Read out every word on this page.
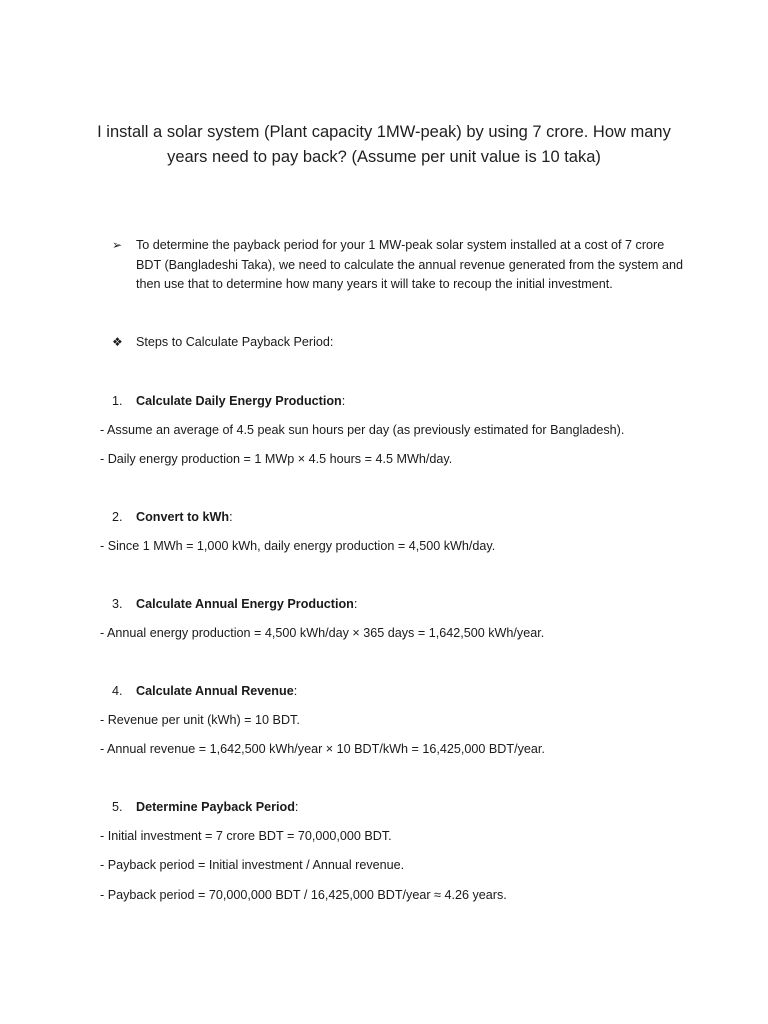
I install a solar system (Plant capacity 1MW-peak) by using 7 crore. How many years need to pay back? (Assume per unit value is 10 taka)
➢	To determine the payback period for your 1 MW-peak solar system installed at a cost of 7 crore BDT (Bangladeshi Taka), we need to calculate the annual revenue generated from the system and then use that to determine how many years it will take to recoup the initial investment.
❖ Steps to Calculate Payback Period:
1. Calculate Daily Energy Production:
- Assume an average of 4.5 peak sun hours per day (as previously estimated for Bangladesh).
- Daily energy production = 1 MWp × 4.5 hours = 4.5 MWh/day.
2. Convert to kWh:
- Since 1 MWh = 1,000 kWh, daily energy production = 4,500 kWh/day.
3. Calculate Annual Energy Production:
- Annual energy production = 4,500 kWh/day × 365 days = 1,642,500 kWh/year.
4. Calculate Annual Revenue:
- Revenue per unit (kWh) = 10 BDT.
- Annual revenue = 1,642,500 kWh/year × 10 BDT/kWh = 16,425,000 BDT/year.
5. Determine Payback Period:
- Initial investment = 7 crore BDT = 70,000,000 BDT.
- Payback period = Initial investment / Annual revenue.
- Payback period = 70,000,000 BDT / 16,425,000 BDT/year ≈ 4.26 years.
